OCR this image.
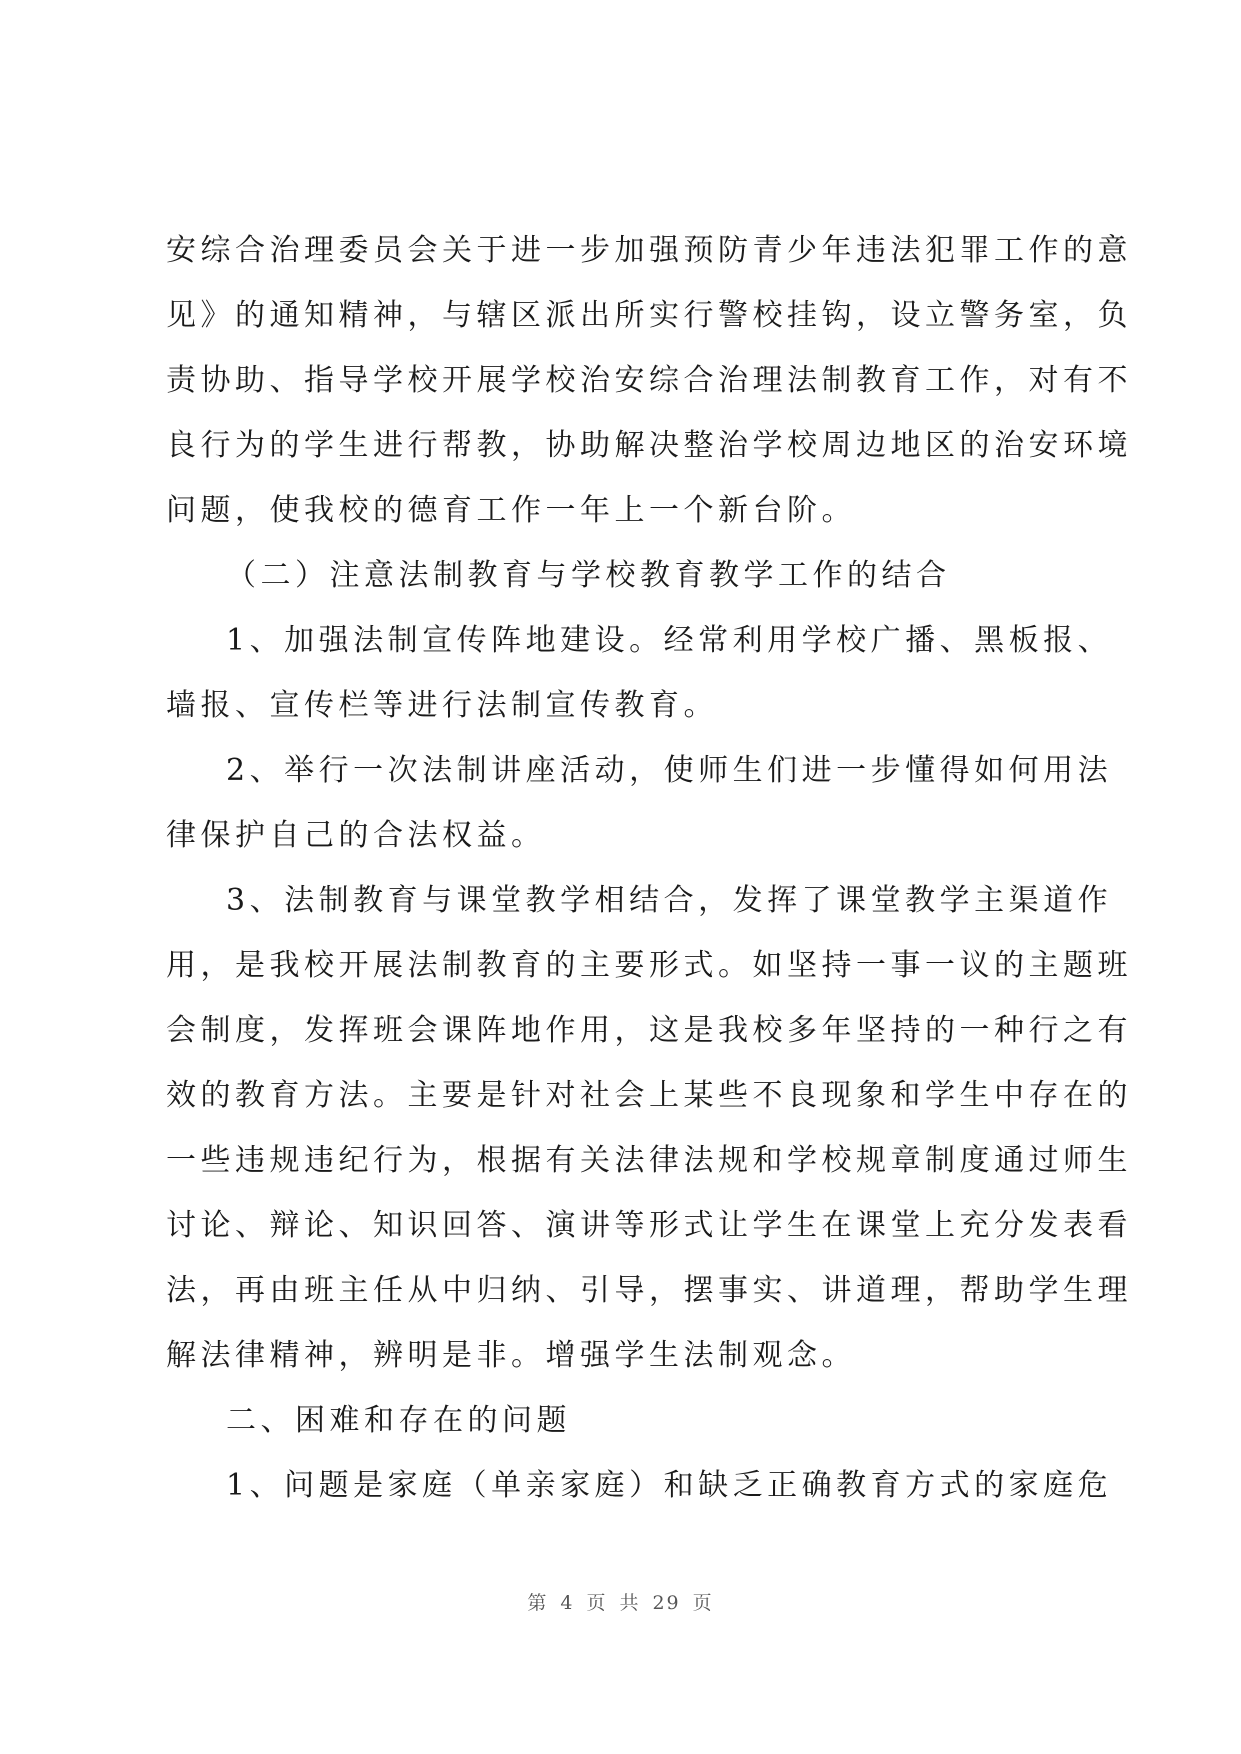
安综合治理委员会关于进一步加强预防青少年违法犯罪工作的意
见》的通知精神，与辖区派出所实行警校挂钩，设立警务室，负
责协助、指导学校开展学校治安综合治理法制教育工作，对有不
良行为的学生进行帮教，协助解决整治学校周边地区的治安环境
问题，使我校的德育工作一年上一个新台阶。
（二）注意法制教育与学校教育教学工作的结合
1、加强法制宣传阵地建设。经常利用学校广播、黑板报、
墙报、宣传栏等进行法制宣传教育。
2、举行一次法制讲座活动，使师生们进一步懂得如何用法
律保护自己的合法权益。
3、法制教育与课堂教学相结合，发挥了课堂教学主渠道作
用，是我校开展法制教育的主要形式。如坚持一事一议的主题班
会制度，发挥班会课阵地作用，这是我校多年坚持的一种行之有
效的教育方法。主要是针对社会上某些不良现象和学生中存在的
一些违规违纪行为，根据有关法律法规和学校规章制度通过师生
讨论、辩论、知识回答、演讲等形式让学生在课堂上充分发表看
法，再由班主任从中归纳、引导，摆事实、讲道理，帮助学生理
解法律精神，辨明是非。增强学生法制观念。
二、困难和存在的问题
1、问题是家庭（单亲家庭）和缺乏正确教育方式的家庭危
第 4 页 共 29 页
